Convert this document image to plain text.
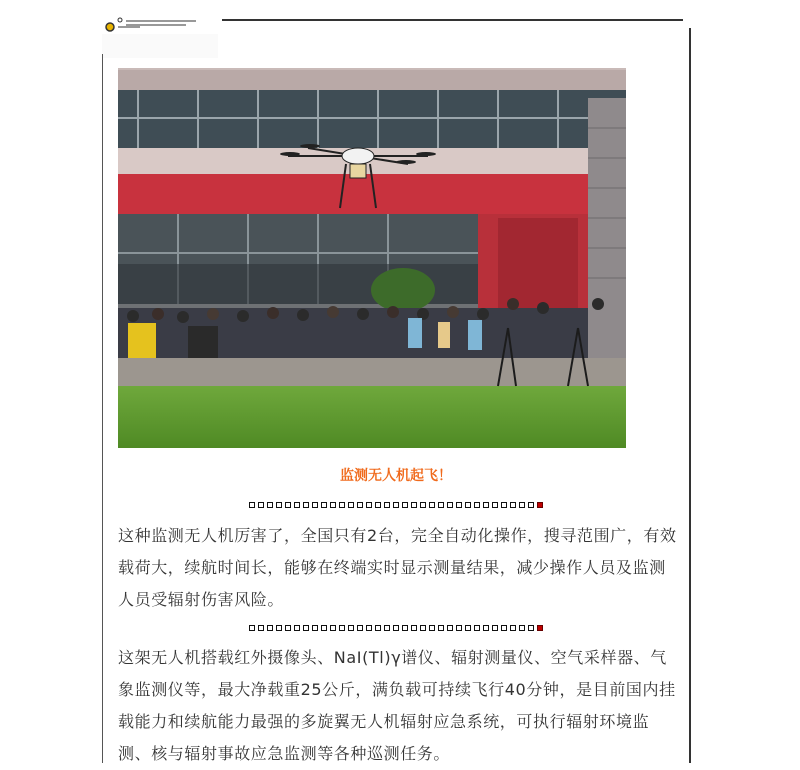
监测无人机起飞！

这种监测无人机厉害了，全国只有2台，完全自动化操作，搜寻范围广，有效载荷大，续航时间长，能够在终端实时显示测量结果，减少操作人员及监测人员受辐射伤害风险。

这架无人机搭载红外摄像头、NaI(Tl)γ谱仪、辐射测量仪、空气采样器、气象监测仪等，最大净载重25公斤，满负载可持续飞行40分钟，是目前国内挂载能力和续航能力最强的多旋翼无人机辐射应急系统，可执行辐射环境监测、核与辐射事故应急监测等各种巡测任务。
